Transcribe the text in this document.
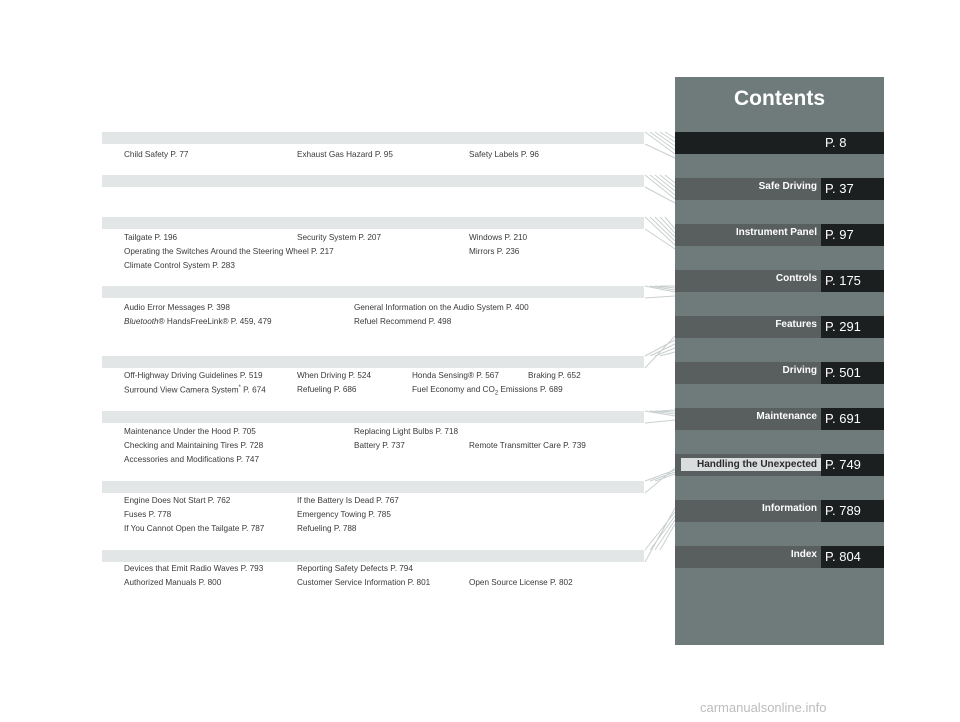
Child Safety P. 77	Exhaust Gas Hazard P. 95	Safety Labels P. 96
Tailgate P. 196	Security System P. 207	Windows P. 210
Operating the Switches Around the Steering Wheel P. 217	Mirrors P. 236
Climate Control System P. 283
Audio Error Messages P. 398	General Information on the Audio System P. 400
Bluetooth® HandsFreeLink® P. 459, 479	Refuel Recommend P. 498
Off-Highway Driving Guidelines P. 519	When Driving P. 524	Honda Sensing® P. 567	Braking P. 652
Surround View Camera System* P. 674	Refueling P. 686	Fuel Economy and $CO_2$ Emissions P. 689
Maintenance Under the Hood P. 705	Replacing Light Bulbs P. 718
Checking and Maintaining Tires P. 728	Battery P. 737	Remote Transmitter Care P. 739
Accessories and Modifications P. 747
Engine Does Not Start P. 762	If the Battery Is Dead P. 767
Fuses P. 778	Emergency Towing P. 785
If You Cannot Open the Tailgate P. 787	Refueling P. 788
Devices that Emit Radio Waves P. 793	Reporting Safety Defects P. 794
Authorized Manuals P. 800	Customer Service Information P. 801	Open Source License P. 802
Contents
P. 8
Safe Driving P. 37
Instrument Panel P. 97
Controls P. 175
Features P. 291
Driving P. 501
Maintenance P. 691
Handling the Unexpected P. 749
Information P. 789
Index P. 804
carmanualsonline.info
